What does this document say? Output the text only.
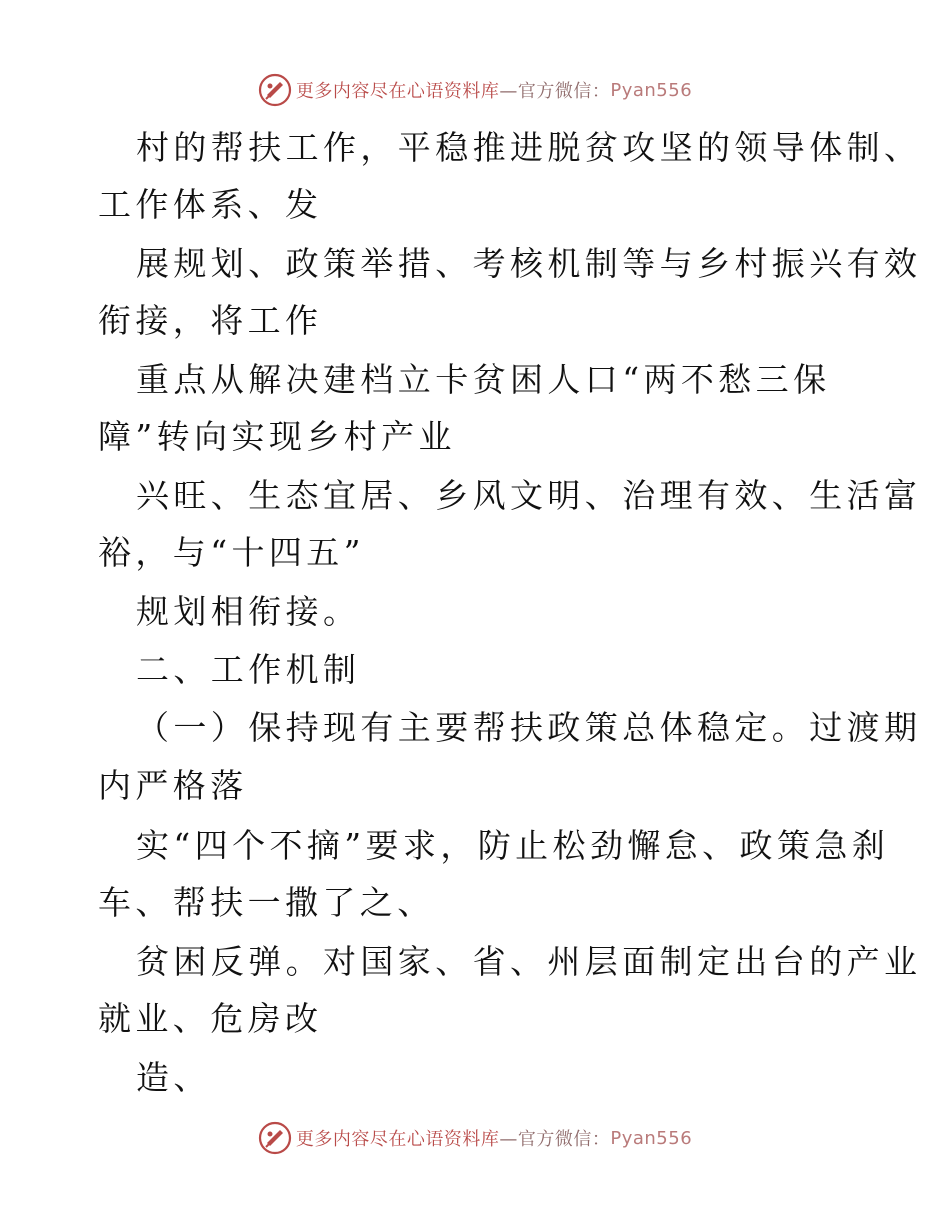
更多内容尽在心语资料库 —官方微信： Pyan556
村的帮扶工作，平稳推进脱贫攻坚的领导体制、
工作体系、发
展规划、政策举措、考核机制等与乡村振兴有效
衔接，将工作
重点从解决建档立卡贫困人口“两不愁三保
障”转向实现乡村产业
兴旺、生态宜居、乡风文明、治理有效、生活富
裕，与“十四五”
规划相衔接。
二、工作机制
（一）保持现有主要帮扶政策总体稳定。过渡期
内严格落
实“四个不摘”要求，防止松劲懈怠、政策急刹
车、帮扶一撒了之、
贫困反弹。对国家、省、州层面制定出台的产业
就业、危房改
造、
更多内容尽在心语资料库 —官方微信： Pyan556
